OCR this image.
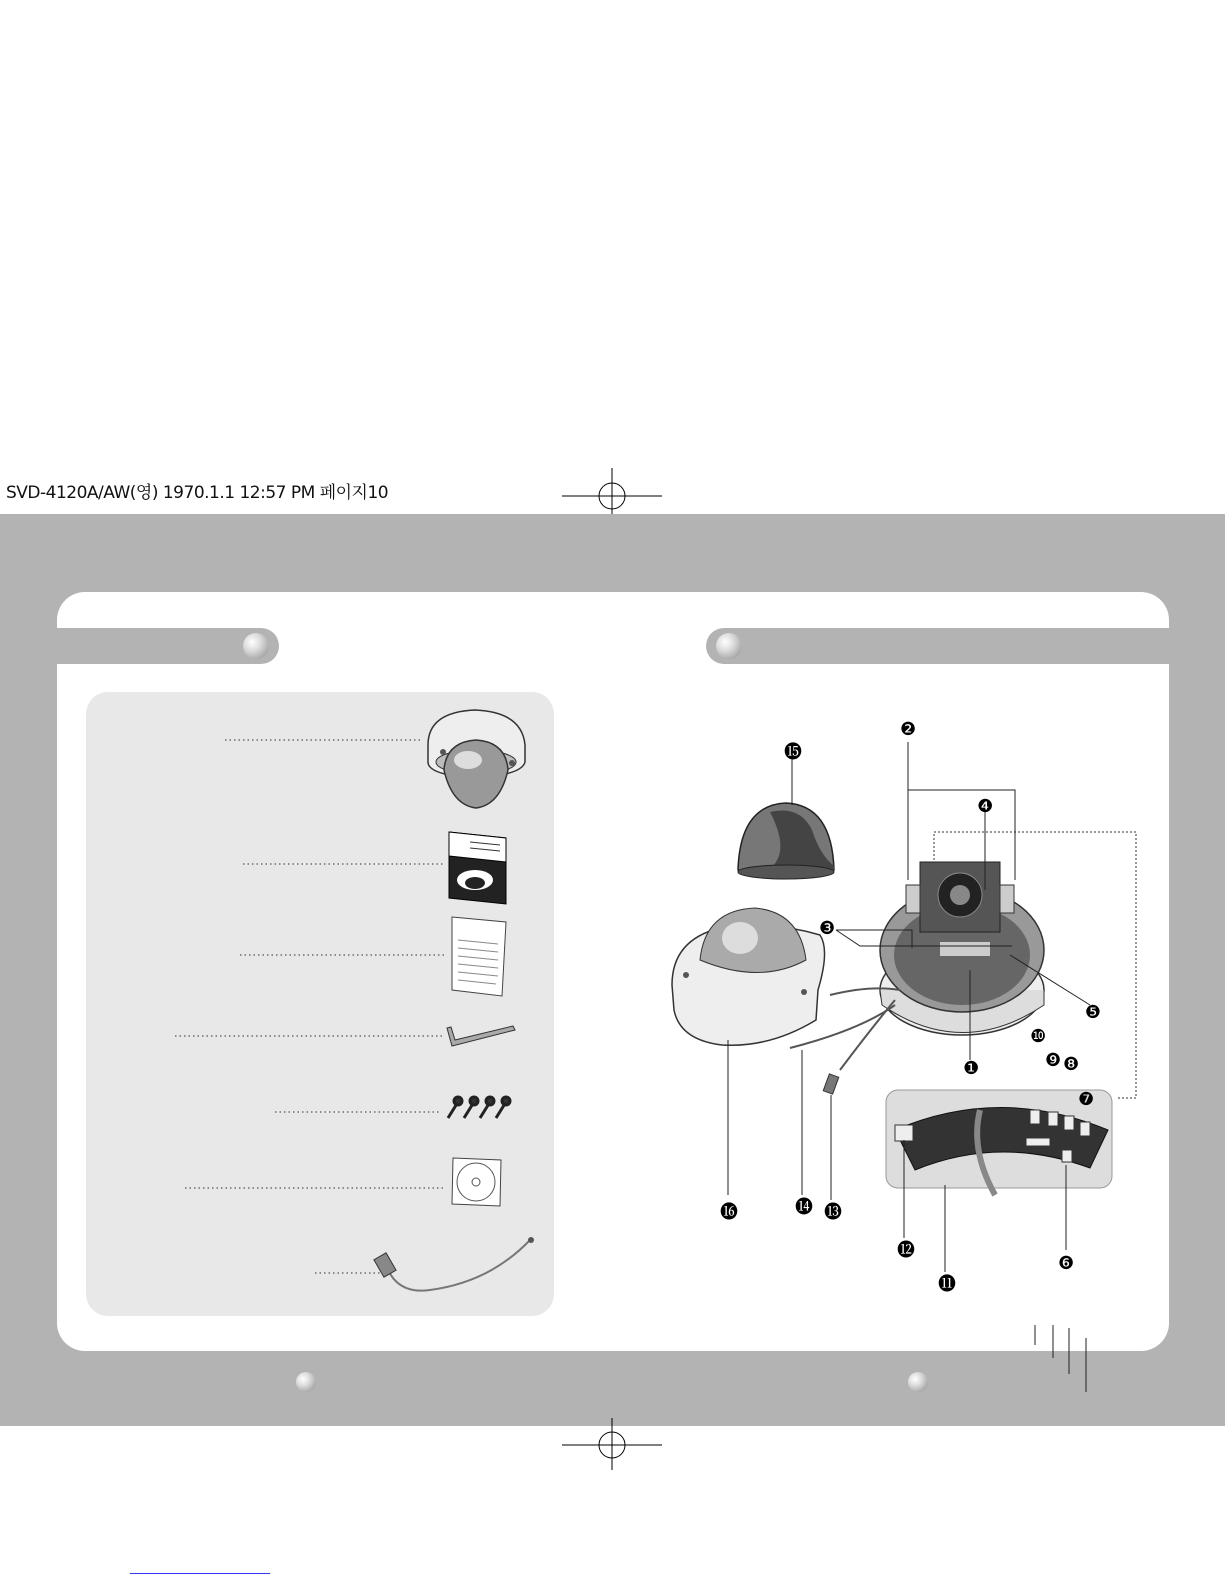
SVD-4120A/AW(영) 1970.1.1 12:57 PM 페이지10
❷
⓯
❹
❸
❺
❿
❾ ❽
❶
❼
⓰	⓮ ⓭
⓬
❻
⓫
